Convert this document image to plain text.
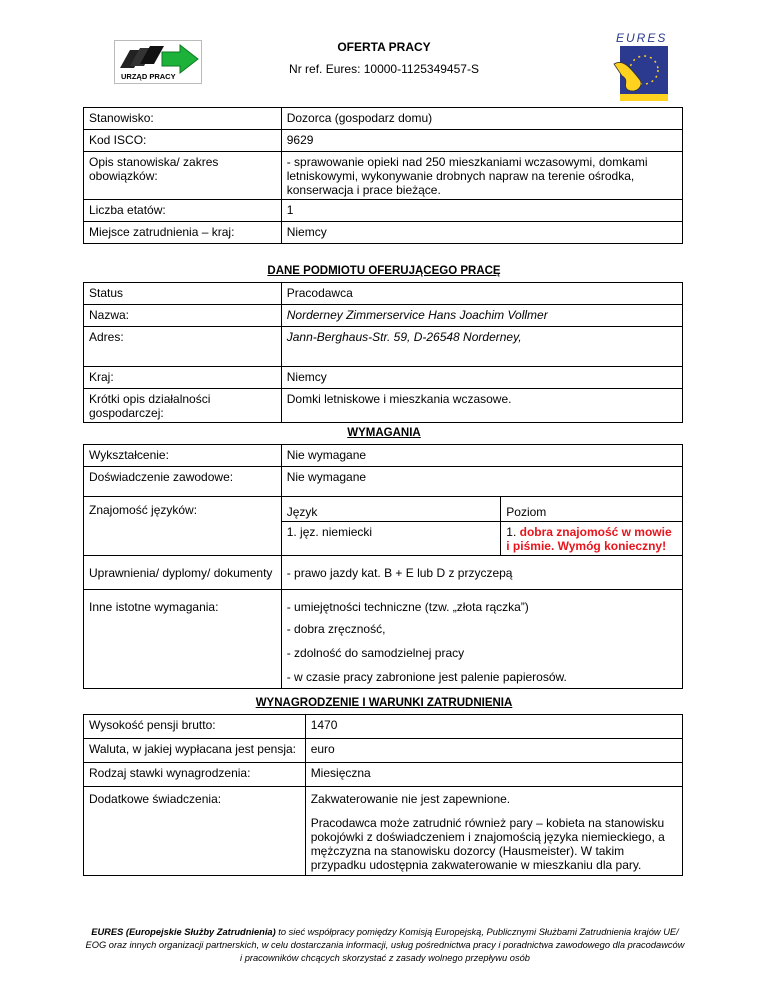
URZĄD PRACY
OFERTA PRACY
Nr ref. Eures: 10000-1125349457-S
EURES
Stanowisko:	Dozorca (gospodarz domu)
Kod ISCO:	9629
Opis stanowiska/ zakres obowiązków:	- sprawowanie opieki nad 250 mieszkaniami wczasowymi, domkami letniskowymi, wykonywanie drobnych napraw na terenie ośrodka, konserwacja i prace bieżące.
Liczba etatów:	1
Miejsce zatrudnienia – kraj:	Niemcy
DANE PODMIOTU OFERUJĄCEGO PRACĘ
Status	Pracodawca
Nazwa:	Norderney Zimmerservice Hans Joachim Vollmer
Adres:	Jann-Berghaus-Str. 59, D-26548 Norderney,
Kraj:	Niemcy
Krótki opis działalności gospodarczej:	Domki letniskowe i mieszkania wczasowe.
WYMAGANIA
Wykształcenie:	Nie wymagane	
Doświadczenie zawodowe:	Nie wymagane	
Znajomość języków:	Język	Poziom
	1. jęz. niemiecki	1. dobra znajomość w mowie i piśmie. Wymóg konieczny!
Uprawnienia/ dyplomy/ dokumenty	- prawo jazdy kat. B + E lub D z przyczepą	
Inne istotne wymagania:	- umiejętności techniczne (tzw. „złota rączka”)
- dobra zręczność,
- zdolność do samodzielnej pracy
- w czasie pracy zabronione jest palenie papierosów.	
WYNAGRODZENIE I WARUNKI ZATRUDNIENIA
Wysokość pensji brutto:	1470
Waluta, w jakiej wypłacana jest pensja:	euro
Rodzaj stawki wynagrodzenia:	Miesięczna
Dodatkowe świadczenia:	Zakwaterowanie nie jest zapewnione.
Pracodawca może zatrudnić również pary – kobieta na stanowisku pokojówki z doświadczeniem i znajomością języka niemieckiego, a mężczyzna na stanowisku dozorcy (Hausmeister). W takim przypadku udostępnia zakwaterowanie w mieszkaniu dla pary.
EURES (Europejskie Służby Zatrudnienia) to sieć współpracy pomiędzy Komisją Europejską, Publicznymi Służbami Zatrudnienia krajów UE/ EOG oraz innych organizacji partnerskich, w celu dostarczania informacji, usług pośrednictwa pracy i poradnictwa zawodowego dla pracodawców i pracowników chcących skorzystać z zasady wolnego przepływu osób
